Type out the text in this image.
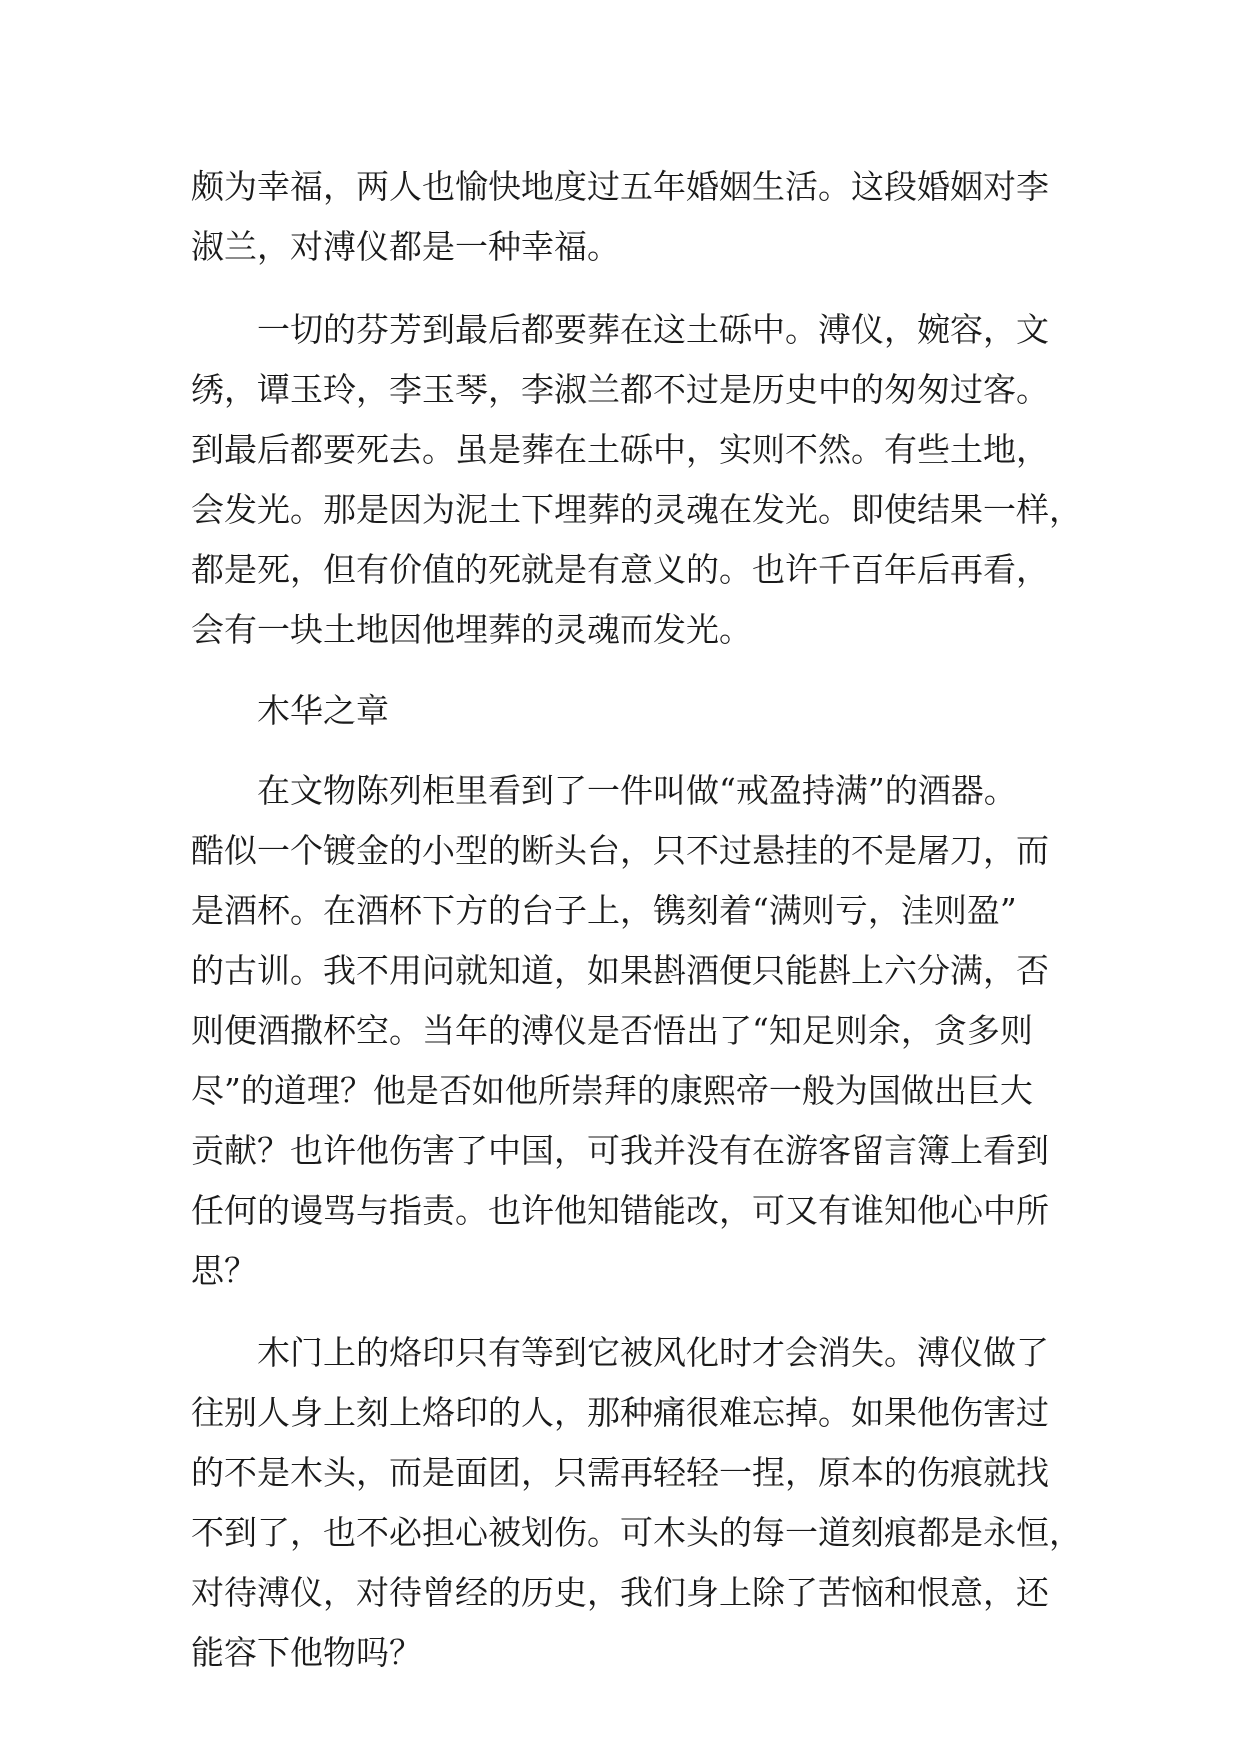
颇为幸福，两人也愉快地度过五年婚姻生活。这段婚姻对李
淑兰，对溥仪都是一种幸福。
一切的芬芳到最后都要葬在这土砾中。溥仪，婉容，文
绣，谭玉玲，李玉琴，李淑兰都不过是历史中的匆匆过客。
到最后都要死去。虽是葬在土砾中，实则不然。有些土地，
会发光。那是因为泥土下埋葬的灵魂在发光。即使结果一样，
都是死，但有价值的死就是有意义的。也许千百年后再看，
会有一块土地因他埋葬的灵魂而发光。
木华之章
在文物陈列柜里看到了一件叫做“戒盈持满”的酒器。
酷似一个镀金的小型的断头台，只不过悬挂的不是屠刀，而
是酒杯。在酒杯下方的台子上，镌刻着“满则亏，洼则盈”
的古训。我不用问就知道，如果斟酒便只能斟上六分满，否
则便酒撒杯空。当年的溥仪是否悟出了“知足则余，贪多则
尽”的道理？他是否如他所崇拜的康熙帝一般为国做出巨大
贡献？也许他伤害了中国，可我并没有在游客留言簿上看到
任何的谩骂与指责。也许他知错能改，可又有谁知他心中所
思？
木门上的烙印只有等到它被风化时才会消失。溥仪做了
往别人身上刻上烙印的人，那种痛很难忘掉。如果他伤害过
的不是木头，而是面团，只需再轻轻一捏，原本的伤痕就找
不到了，也不必担心被划伤。可木头的每一道刻痕都是永恒，
对待溥仪，对待曾经的历史，我们身上除了苦恼和恨意，还
能容下他物吗？
